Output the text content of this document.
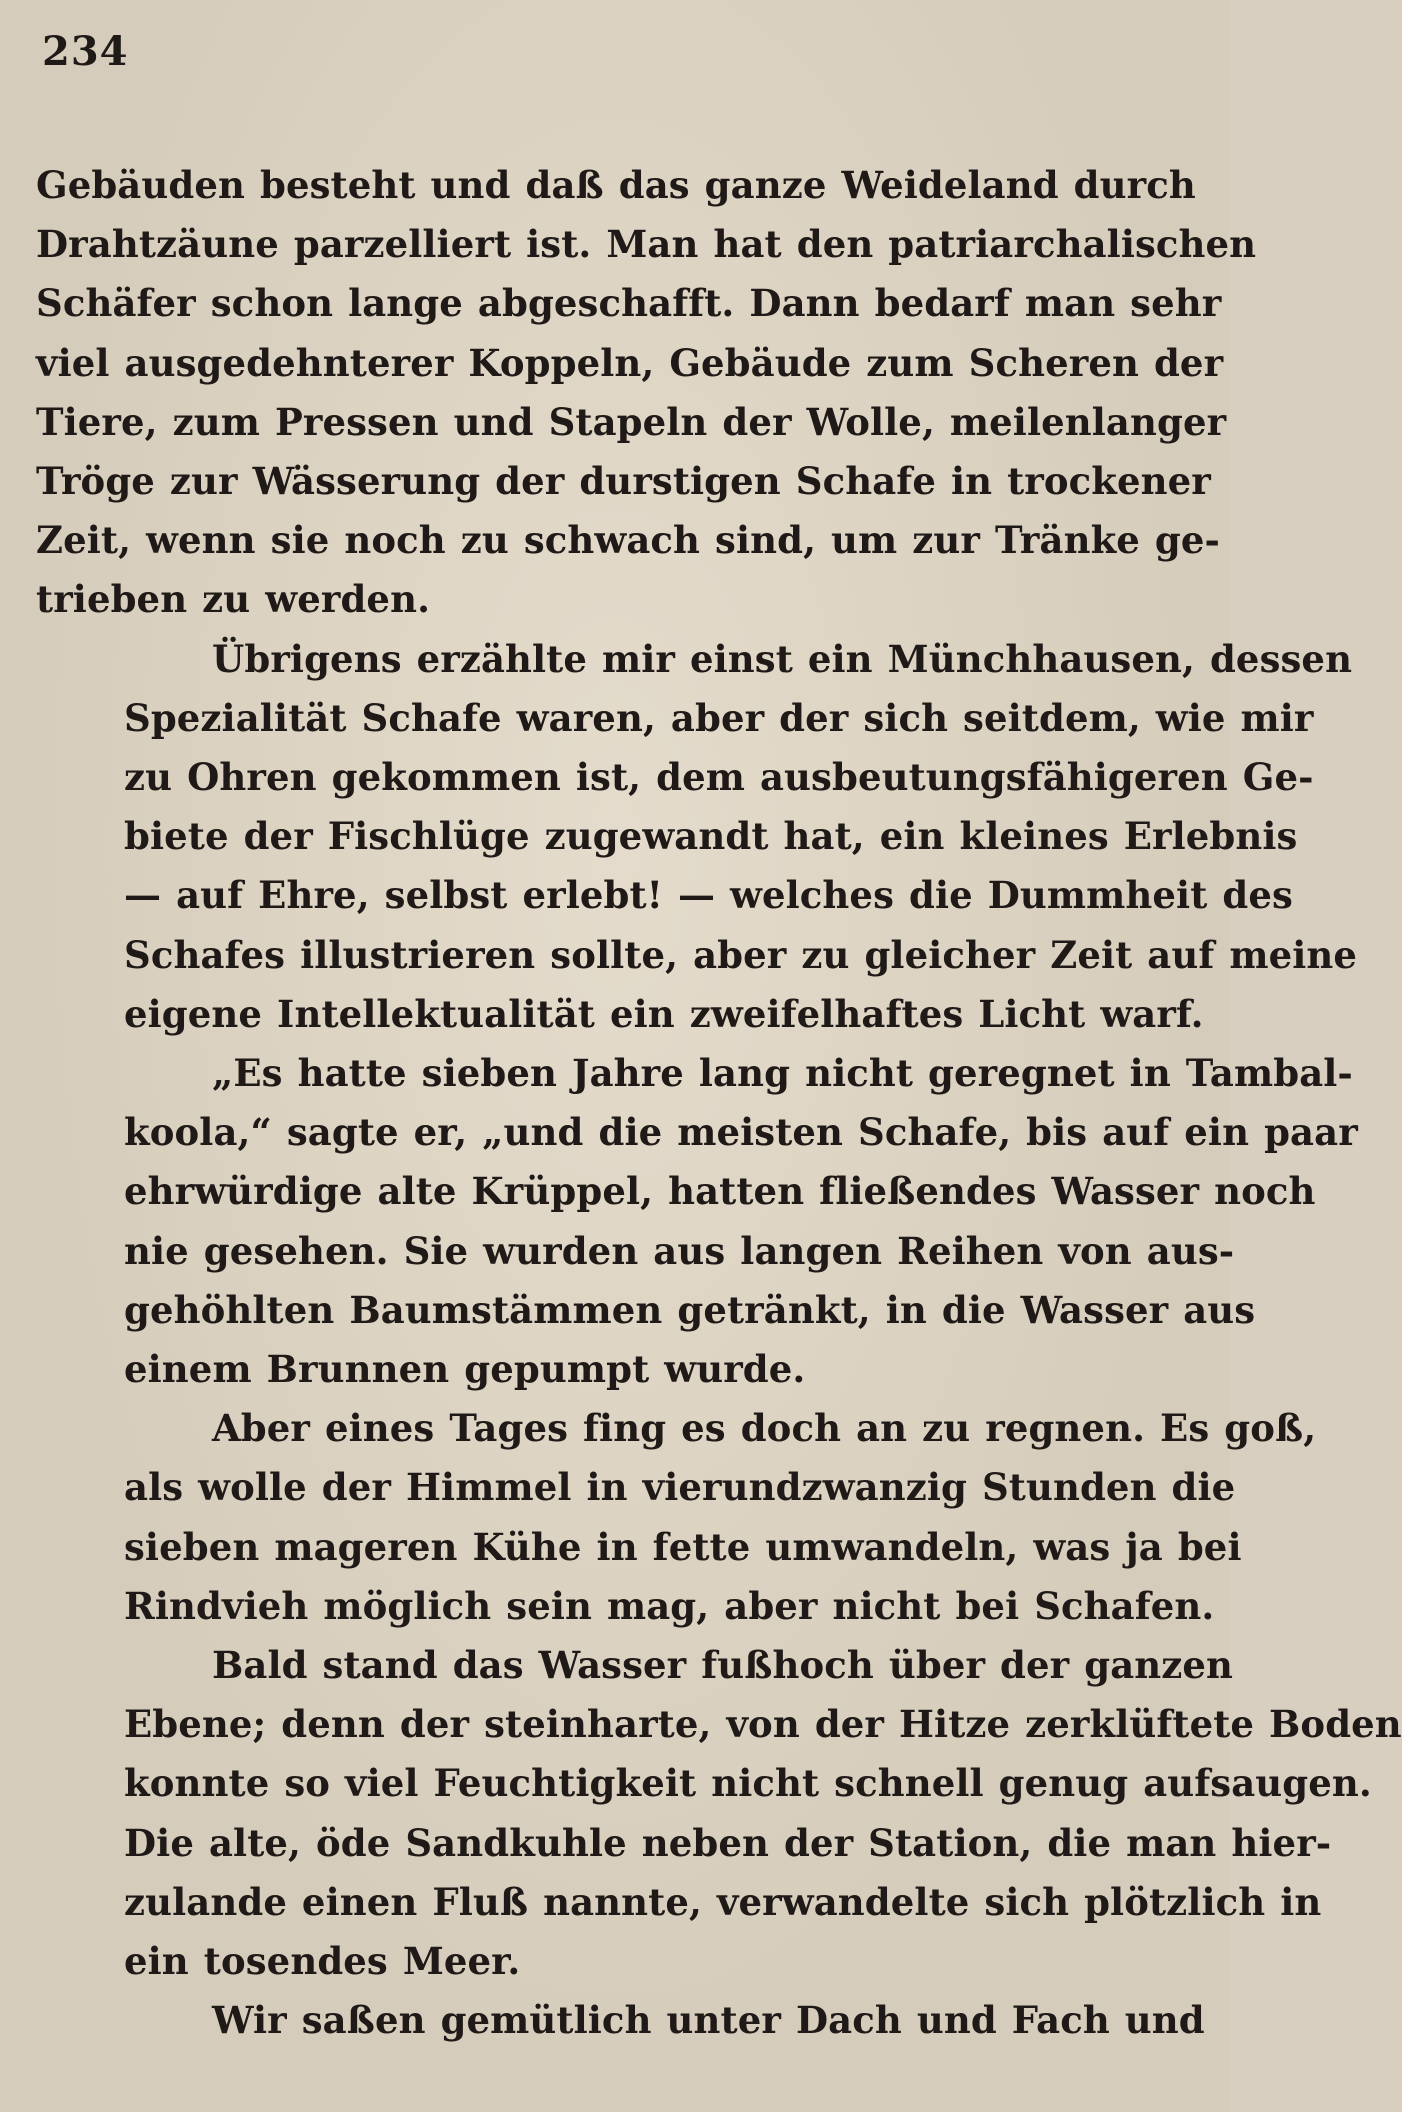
234
Gebäuden besteht und daß das ganze Weideland durch
Drahtzäune parzelliert ist. Man hat den patriarchalischen
Schäfer schon lange abgeschafft. Dann bedarf man sehr
viel ausgedehnterer Koppeln, Gebäude zum Scheren der
Tiere, zum Pressen und Stapeln der Wolle, meilenlanger
Tröge zur Wässerung der durstigen Schafe in trockener
Zeit, wenn sie noch zu schwach sind, um zur Tränke ge-
trieben zu werden.
Übrigens erzählte mir einst ein Münchhausen, dessen
Spezialität Schafe waren, aber der sich seitdem, wie mir
zu Ohren gekommen ist, dem ausbeutungsfähigeren Ge-
biete der Fischlüge zugewandt hat, ein kleines Erlebnis
— auf Ehre, selbst erlebt! — welches die Dummheit des
Schafes illustrieren sollte, aber zu gleicher Zeit auf meine
eigene Intellektualität ein zweifelhaftes Licht warf.
„Es hatte sieben Jahre lang nicht geregnet in Tambal-
koola,“ sagte er, „und die meisten Schafe, bis auf ein paar
ehrwürdige alte Krüppel, hatten fließendes Wasser noch
nie gesehen. Sie wurden aus langen Reihen von aus-
gehöhlten Baumstämmen getränkt, in die Wasser aus
einem Brunnen gepumpt wurde.
Aber eines Tages fing es doch an zu regnen. Es goß,
als wolle der Himmel in vierundzwanzig Stunden die
sieben mageren Kühe in fette umwandeln, was ja bei
Rindvieh möglich sein mag, aber nicht bei Schafen.
Bald stand das Wasser fußhoch über der ganzen
Ebene; denn der steinharte, von der Hitze zerklüftete Boden
konnte so viel Feuchtigkeit nicht schnell genug aufsaugen.
Die alte, öde Sandkuhle neben der Station, die man hier-
zulande einen Fluß nannte, verwandelte sich plötzlich in
ein tosendes Meer.
Wir saßen gemütlich unter Dach und Fach und
